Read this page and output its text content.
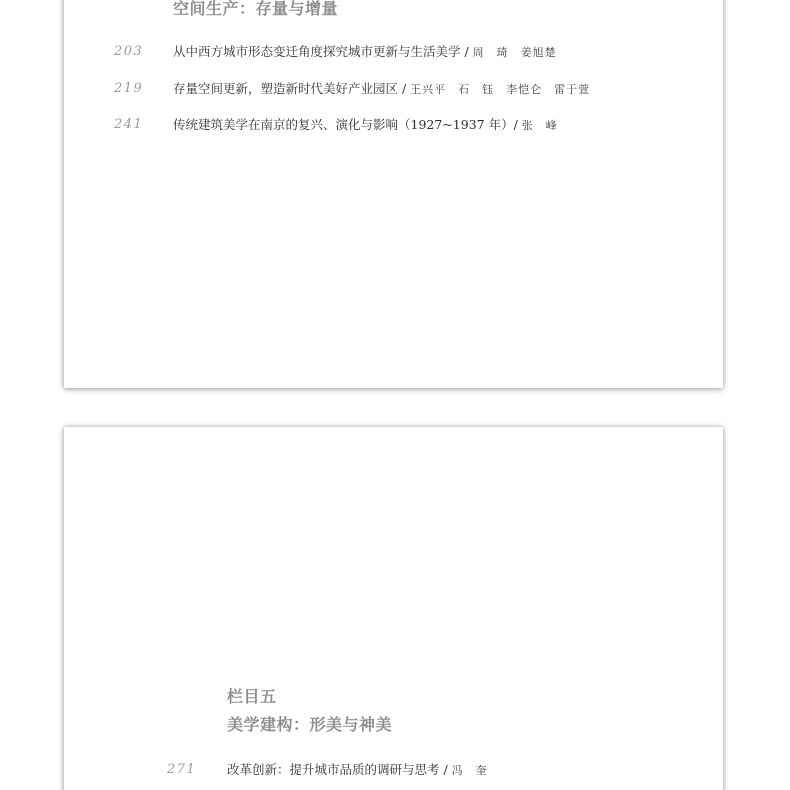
空间生产：存量与增量
203 从中西方城市形态变迁角度探究城市更新与生活美学 / 周　琦　姜旭楚
219 存量空间更新，塑造新时代美好产业园区 / 王兴平　石　钰　李恺仑　雷于萱
241 传统建筑美学在南京的复兴、演化与影响（1927~1937 年）/ 张　峰
栏目五
美学建构：形美与神美
271 改革创新：提升城市品质的调研与思考 / 冯　奎
